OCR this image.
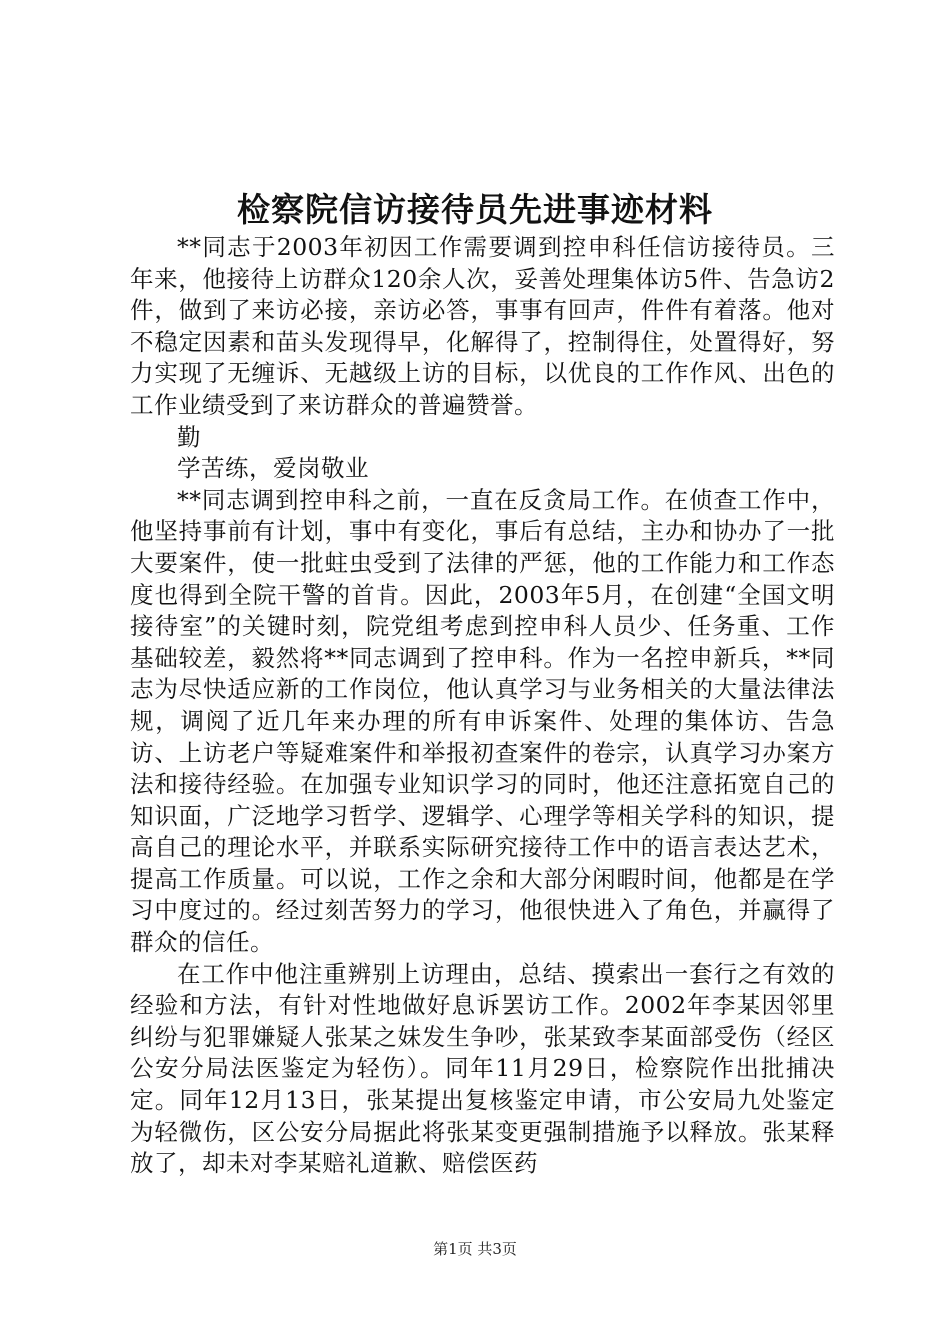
检察院信访接待员先进事迹材料

**同志于2003年初因工作需要调到控申科任信访接待员。三年来，他接待上访群众120余人次，妥善处理集体访5件、告急访2件，做到了来访必接，亲访必答，事事有回声，件件有着落。他对不稳定因素和苗头发现得早，化解得了，控制得住，处置得好，努力实现了无缠诉、无越级上访的目标，以优良的工作作风、出色的工作业绩受到了来访群众的普遍赞誉。

勤

学苦练，爱岗敬业

**同志调到控申科之前，一直在反贪局工作。在侦查工作中，他坚持事前有计划，事中有变化，事后有总结，主办和协办了一批大要案件，使一批蛀虫受到了法律的严惩，他的工作能力和工作态度也得到全院干警的首肯。因此，2003年5月，在创建“全国文明接待室”的关键时刻，院党组考虑到控申科人员少、任务重、工作基础较差，毅然将**同志调到了控申科。作为一名控申新兵，**同志为尽快适应新的工作岗位，他认真学习与业务相关的大量法律法规，调阅了近几年来办理的所有申诉案件、处理的集体访、告急访、上访老户等疑难案件和举报初查案件的卷宗，认真学习办案方法和接待经验。在加强专业知识学习的同时，他还注意拓宽自己的知识面，广泛地学习哲学、逻辑学、心理学等相关学科的知识，提高自己的理论水平，并联系实际研究接待工作中的语言表达艺术，提高工作质量。可以说，工作之余和大部分闲暇时间，他都是在学习中度过的。经过刻苦努力的学习，他很快进入了角色，并赢得了群众的信任。

在工作中他注重辨别上访理由，总结、摸索出一套行之有效的经验和方法，有针对性地做好息诉罢访工作。2002年李某因邻里纠纷与犯罪嫌疑人张某之妹发生争吵，张某致李某面部受伤（经区公安分局法医鉴定为轻伤）。同年11月29日，检察院作出批捕决定。同年12月13日，张某提出复核鉴定申请，市公安局九处鉴定为轻微伤，区公安分局据此将张某变更强制措施予以释放。张某释放了，却未对李某赔礼道歉、赔偿医药

第1页 共3页
